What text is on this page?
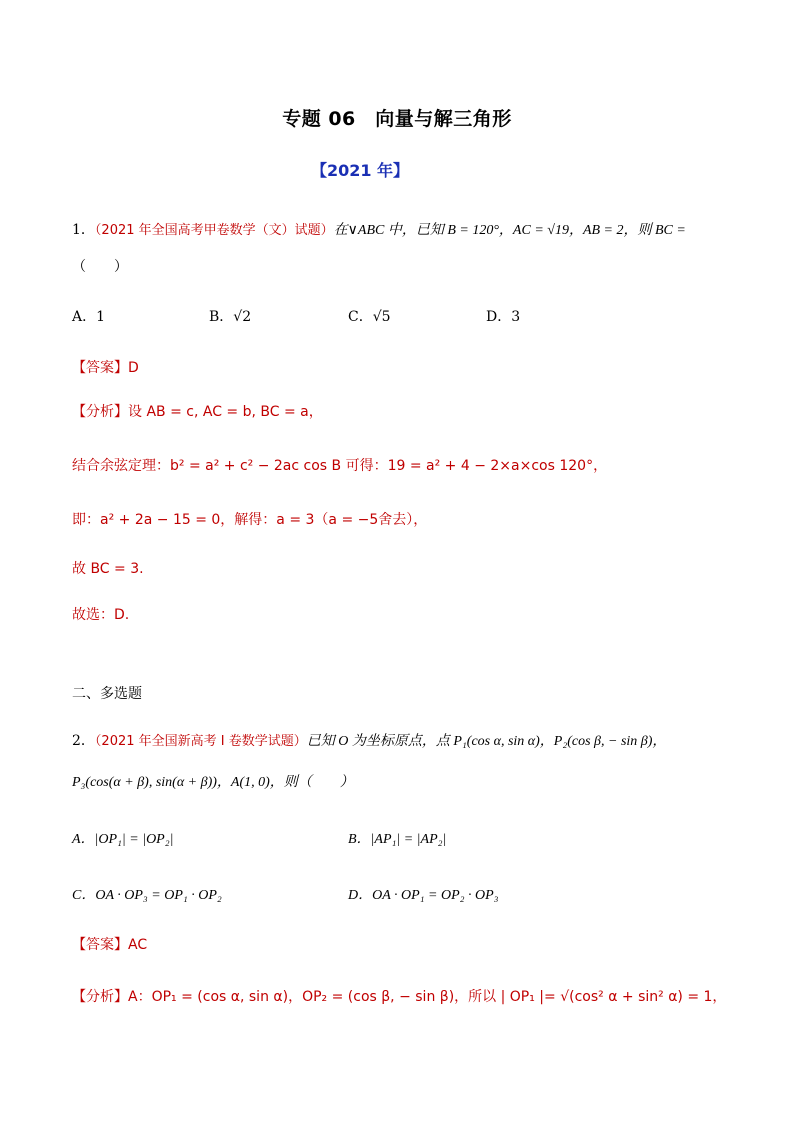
专题 06　向量与解三角形
【2021 年】
1．（2021 年全国高考甲卷数学（文）试题）在∨ABC 中，已知 B = 120°，AC = √19，AB = 2，则 BC =
（　　）
A．1	B．√2	C．√5	D．3
【答案】D
【分析】设 AB = c, AC = b, BC = a，
结合余弦定理：b² = a² + c² − 2ac cos B 可得：19 = a² + 4 − 2×a×cos 120°，
即：a² + 2a − 15 = 0，解得：a = 3（a = −5舍去），
故 BC = 3.
故选：D.
二、多选题
2．（2021 年全国新高考 I 卷数学试题）已知 O 为坐标原点，点 P₁(cos α, sin α)，P₂(cos β, − sin β)，
P₃(cos(α + β), sin(α + β))，A(1, 0)，则（　　）
A．|OP₁| = |OP₂|	B．|AP₁| = |AP₂|
C．OA · OP₃ = OP₁ · OP₂	D．OA · OP₁ = OP₂ · OP₃
【答案】AC
【分析】A：OP₁ = (cos α, sin α)，OP₂ = (cos β, − sin β)，所以 | OP₁ |= √(cos² α + sin² α) = 1，
